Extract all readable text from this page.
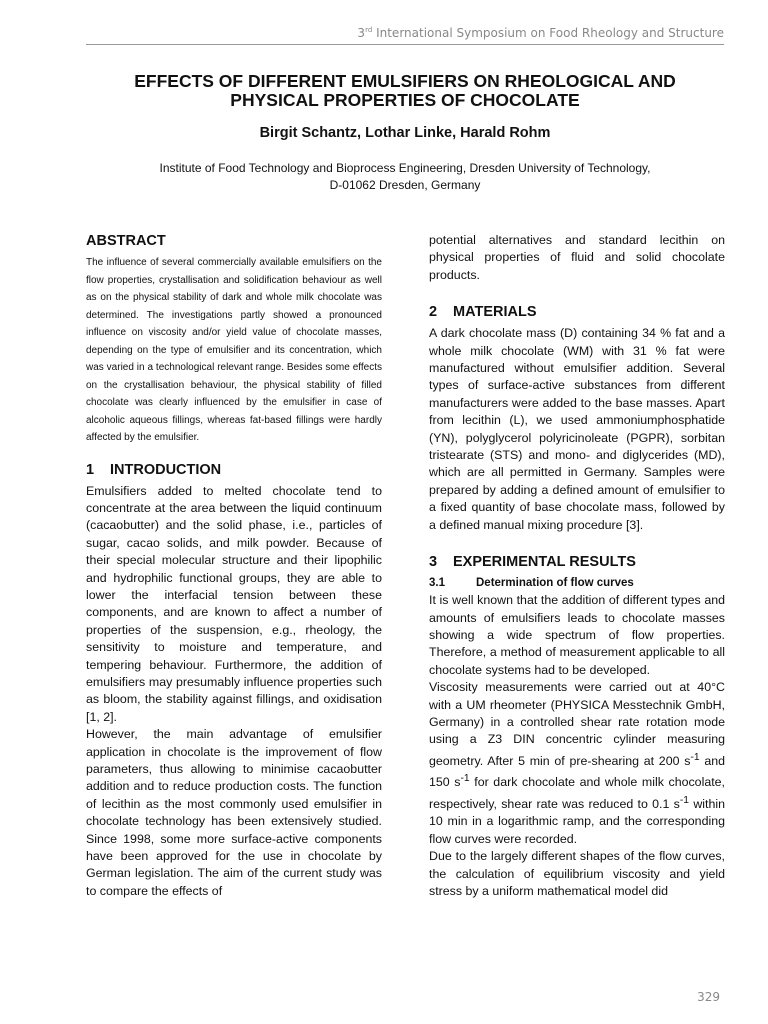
3rd International Symposium on Food Rheology and Structure
EFFECTS OF DIFFERENT EMULSIFIERS ON RHEOLOGICAL AND
PHYSICAL PROPERTIES OF CHOCOLATE
Birgit Schantz, Lothar Linke, Harald Rohm
Institute of Food Technology and Bioprocess Engineering, Dresden University of Technology,
D-01062 Dresden, Germany
ABSTRACT

The influence of several commercially available emulsifiers on the flow properties, crystallisation and solidification behaviour as well as on the physical stability of dark and whole milk chocolate was determined. The investigations partly showed a pronounced influence on viscosity and/or yield value of chocolate masses, depending on the type of emulsifier and its concentration, which was varied in a technological relevant range. Besides some effects on the crystallisation behaviour, the physical stability of filled chocolate was clearly influenced by the emulsifier in case of alcoholic aqueous fillings, whereas fat-based fillings were hardly affected by the emulsifier.

1 INTRODUCTION

Emulsifiers added to melted chocolate tend to concentrate at the area between the liquid continuum (cacaobutter) and the solid phase, i.e., particles of sugar, cacao solids, and milk powder. Because of their special molecular structure and their lipophilic and hydrophilic functional groups, they are able to lower the interfacial tension between these components, and are known to affect a number of properties of the suspension, e.g., rheology, the sensitivity to moisture and temperature, and tempering behaviour. Furthermore, the addition of emulsifiers may presumably influence properties such as bloom, the stability against fillings, and oxidisation [1, 2].

However, the main advantage of emulsifier application in chocolate is the improvement of flow parameters, thus allowing to minimise cacaobutter addition and to reduce production costs. The function of lecithin as the most commonly used emulsifier in chocolate technology has been extensively studied. Since 1998, some more surface-active components have been approved for the use in chocolate by German legislation. The aim of the current study was to compare the effects of

potential alternatives and standard lecithin on physical properties of fluid and solid chocolate products.

2 MATERIALS

A dark chocolate mass (D) containing 34 % fat and a whole milk chocolate (WM) with 31 % fat were manufactured without emulsifier addition. Several types of surface-active substances from different manufacturers were added to the base masses. Apart from lecithin (L), we used ammoniumphosphatide (YN), polyglycerol polyricinoleate (PGPR), sorbitan tristearate (STS) and mono- and diglycerides (MD), which are all permitted in Germany. Samples were prepared by adding a defined amount of emulsifier to a fixed quantity of base chocolate mass, followed by a defined manual mixing procedure [3].

3 EXPERIMENTAL RESULTS
3.1	Determination of flow curves

It is well known that the addition of different types and amounts of emulsifiers leads to chocolate masses showing a wide spectrum of flow properties. Therefore, a method of measurement applicable to all chocolate systems had to be developed.

Viscosity measurements were carried out at 40°C with a UM rheometer (PHYSICA Messtechnik GmbH, Germany) in a controlled shear rate rotation mode using a Z3 DIN concentric cylinder measuring geometry. After 5 min of pre-shearing at 200 $s^{-1}$ and 150 $s^{-1}$ for dark chocolate and whole milk chocolate, respectively, shear rate was reduced to 0.1 $s^{-1}$ within 10 min in a logarithmic ramp, and the corresponding flow curves were recorded.

Due to the largely different shapes of the flow curves, the calculation of equilibrium viscosity and yield stress by a uniform mathematical model did

329
